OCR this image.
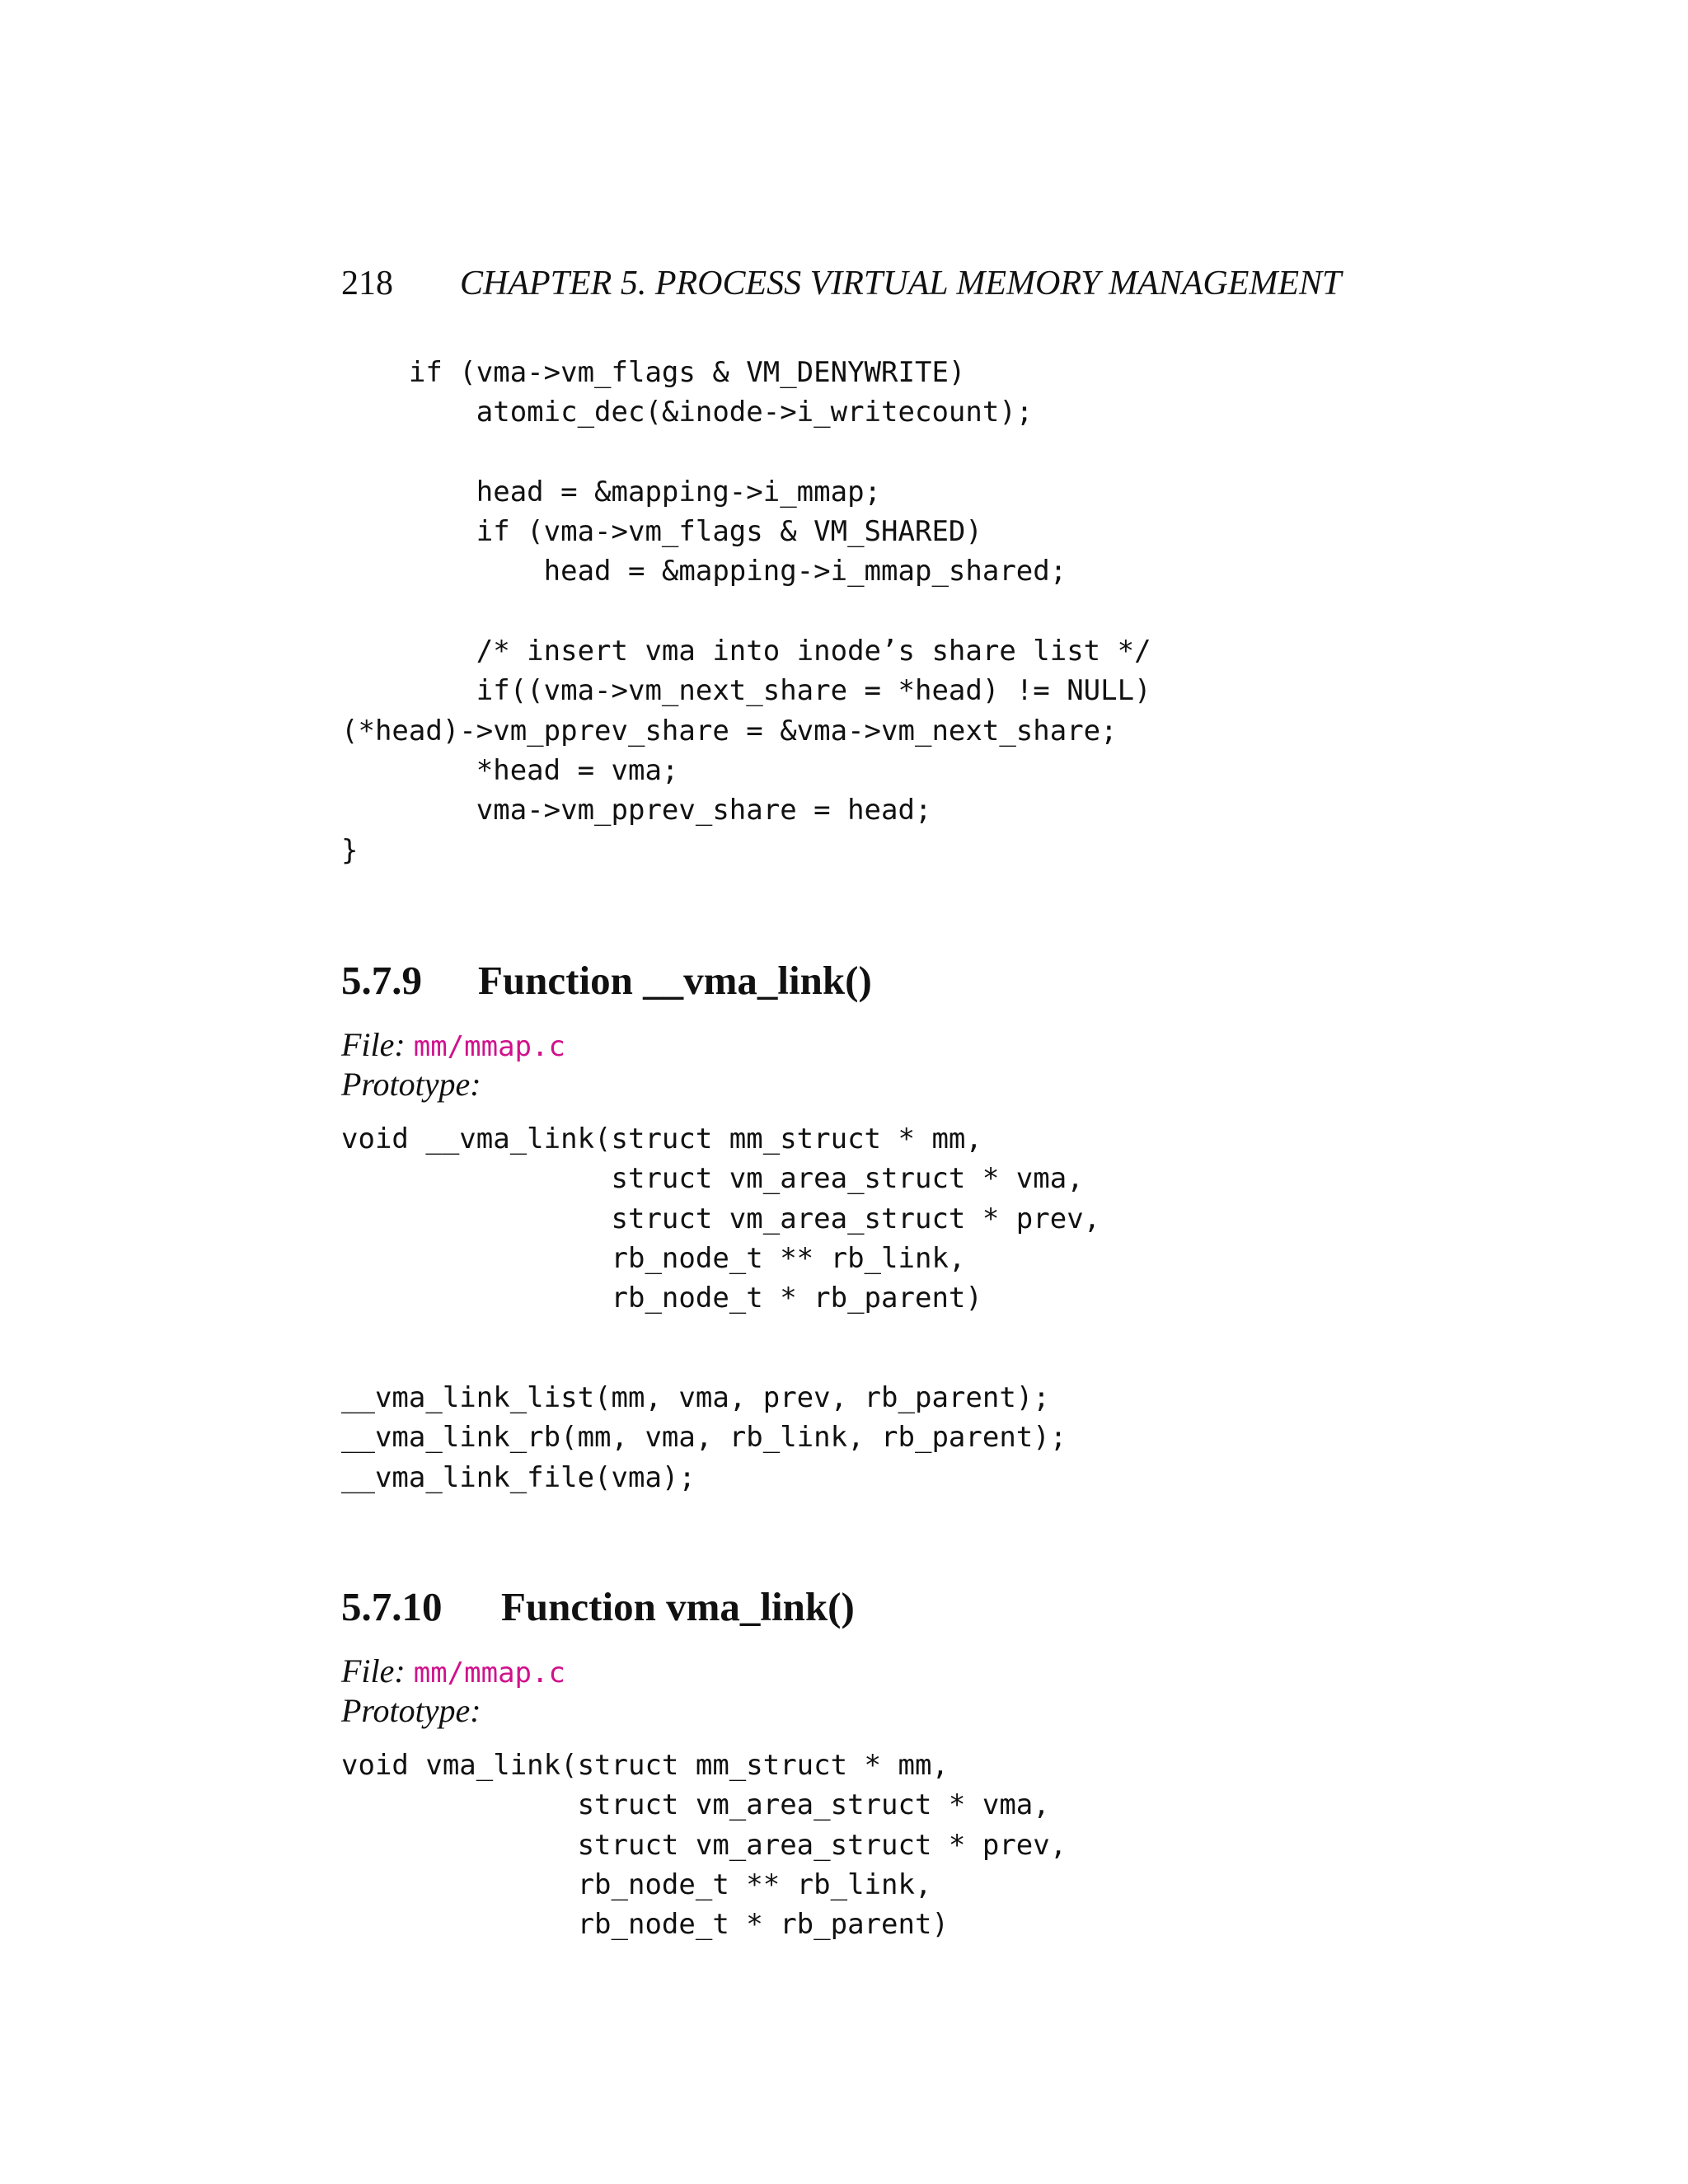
218 CHAPTER 5. PROCESS VIRTUAL MEMORY MANAGEMENT
if (vma->vm_flags & VM_DENYWRITE)
atomic_dec(&inode->i_writecount);

head = &mapping->i_mmap;
if (vma->vm_flags & VM_SHARED)
head = &mapping->i_mmap_shared;

/* insert vma into inode’s share list */
if((vma->vm_next_share = *head) != NULL)
(*head)->vm_pprev_share = &vma->vm_next_share;
*head = vma;
vma->vm_pprev_share = head;
}
5.7.9 Function __vma_link()
File: mm/mmap.c
Prototype:
void __vma_link(struct mm_struct * mm,
struct vm_area_struct * vma,
struct vm_area_struct * prev,
rb_node_t ** rb_link,
rb_node_t * rb_parent)
__vma_link_list(mm, vma, prev, rb_parent);
__vma_link_rb(mm, vma, rb_link, rb_parent);
__vma_link_file(vma);
5.7.10 Function vma_link()
File: mm/mmap.c
Prototype:
void vma_link(struct mm_struct * mm,
struct vm_area_struct * vma,
struct vm_area_struct * prev,
rb_node_t ** rb_link,
rb_node_t * rb_parent)
